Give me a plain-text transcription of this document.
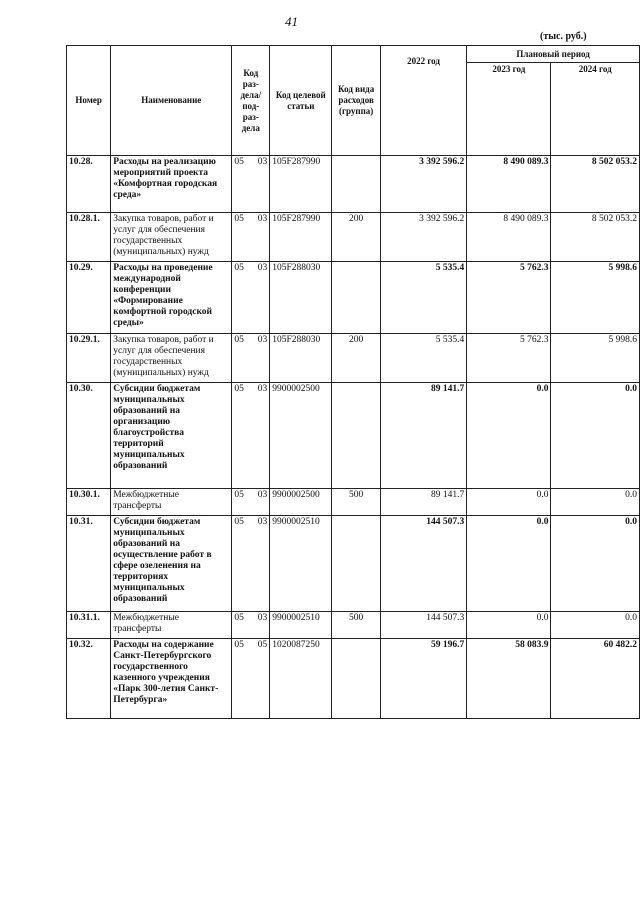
41
(тыс. руб.)
Номер	Наименование	Код раз-дела/ под-раз-дела	Код целевой статьи	Код вида расходов (группа)	2022 год	Плановый период	
						2023 год	2024 год
10.28.	Расходы на реализацию мероприятий проекта «Комфортная городская среда»	05 03	105F287990		3 392 596.2	8 490 089.3	8 502 053.2
10.28.1.	Закупка товаров, работ и услуг для обеспечения государственных (муниципальных) нужд	05 03	105F287990	200	3 392 596.2	8 490 089.3	8 502 053.2
10.29.	Расходы на проведение международной конференции «Формирование комфортной городской среды»	05 03	105F288030		5 535.4	5 762.3	5 998.6
10.29.1.	Закупка товаров, работ и услуг для обеспечения государственных (муниципальных) нужд	05 03	105F288030	200	5 535.4	5 762.3	5 998.6
10.30.	Субсидии бюджетам муниципальных образований на организацию благоустройства территорий муниципальных образований	05 03	9900002500		89 141.7	0.0	0.0
10.30.1.	Межбюджетные трансферты	05 03	9900002500	500	89 141.7	0.0	0.0
10.31.	Субсидии бюджетам муниципальных образований на осуществление работ в сфере озеленения на территориях муниципальных образований	05 03	9900002510		144 507.3	0.0	0.0
10.31.1.	Межбюджетные трансферты	05 03	9900002510	500	144 507.3	0.0	0.0
10.32.	Расходы на содержание Санкт-Петербургского государственного казенного учреждения «Парк 300-летия Санкт-Петербурга»	05 05	1020087250		59 196.7	58 083.9	60 482.2
